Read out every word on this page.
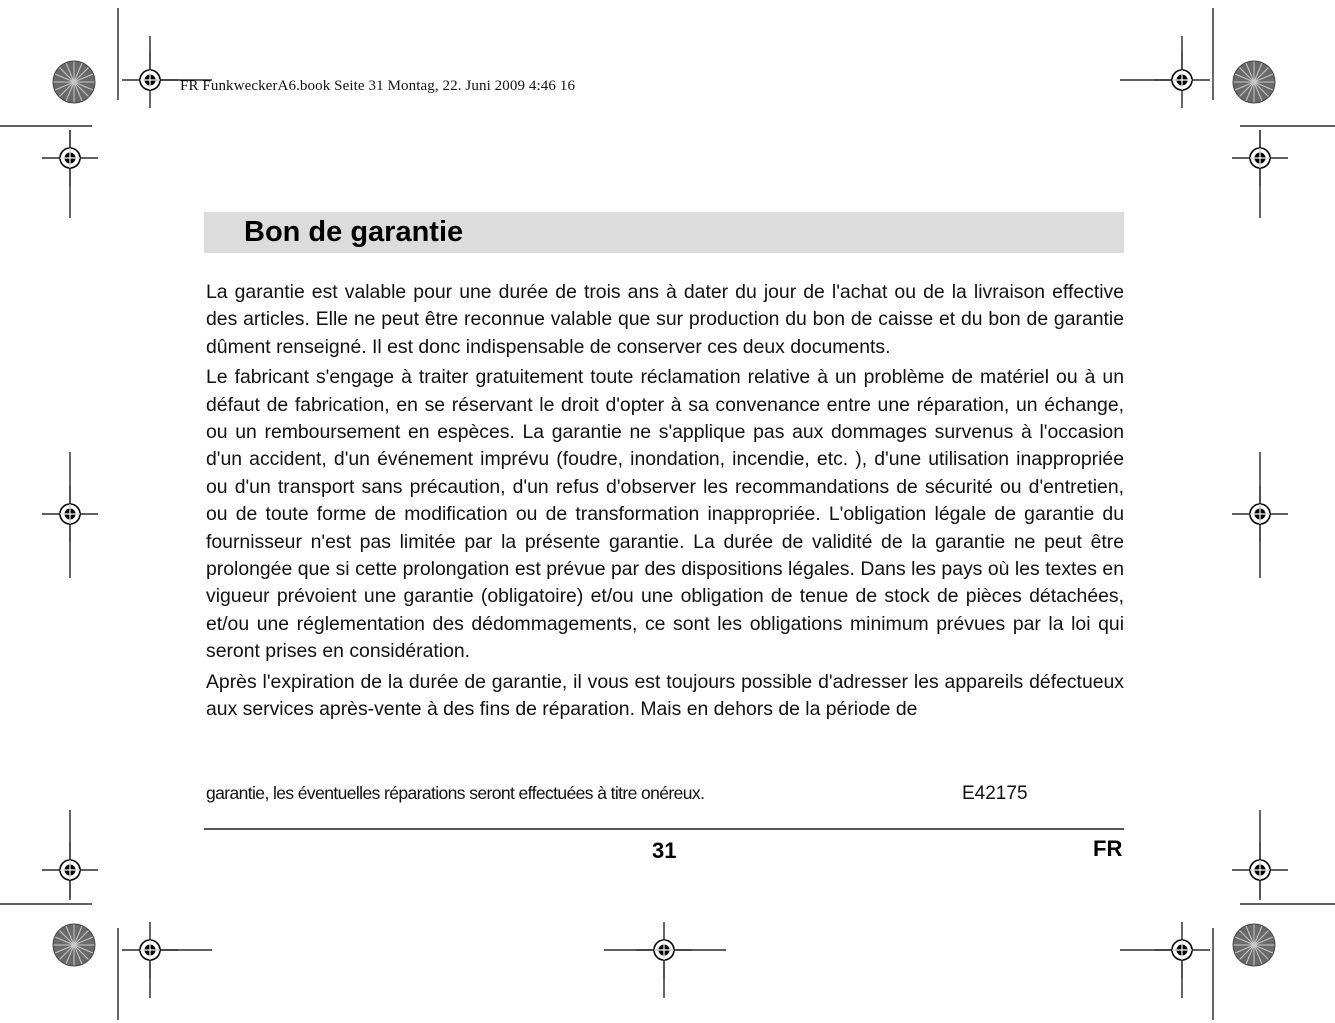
FR FunkweckerA6.book Seite 31 Montag, 22. Juni 2009 4:46 16
Bon de garantie

La garantie est valable pour une durée de trois ans à dater du jour de l'achat ou de la livraison effective des articles. Elle ne peut être reconnue valable que sur production du bon de caisse et du bon de garantie dûment renseigné. Il est donc indispensable de conserver ces deux documents.

Le fabricant s'engage à traiter gratuitement toute réclamation relative à un problème de matériel ou à un défaut de fabrication, en se réservant le droit d'opter à sa convenance entre une réparation, un échange, ou un remboursement en espèces. La garantie ne s'applique pas aux dommages survenus à l'occasion d'un accident, d'un événement imprévu (foudre, inondation, incendie, etc. ), d'une utilisation inappropriée ou d'un transport sans précaution, d'un refus d'observer les recommandations de sécurité ou d'entretien, ou de toute forme de modification ou de transformation inappropriée. L'obligation légale de garantie du fournisseur n'est pas limitée par la présente garantie. La durée de validité de la garantie ne peut être prolongée que si cette prolongation est prévue par des dispositions légales. Dans les pays où les textes en vigueur prévoient une garantie (obligatoire) et/ou une obligation de tenue de stock de pièces détachées, et/ou une réglementation des dédommagements, ce sont les obligations minimum prévues par la loi qui seront prises en considération.

Après l'expiration de la durée de garantie, il vous est toujours possible d'adresser les appareils défectueux aux services après-vente à des fins de réparation. Mais en dehors de la période de

garantie, les éventuelles réparations seront effectuées à titre onéreux.	E42175
31	FR
